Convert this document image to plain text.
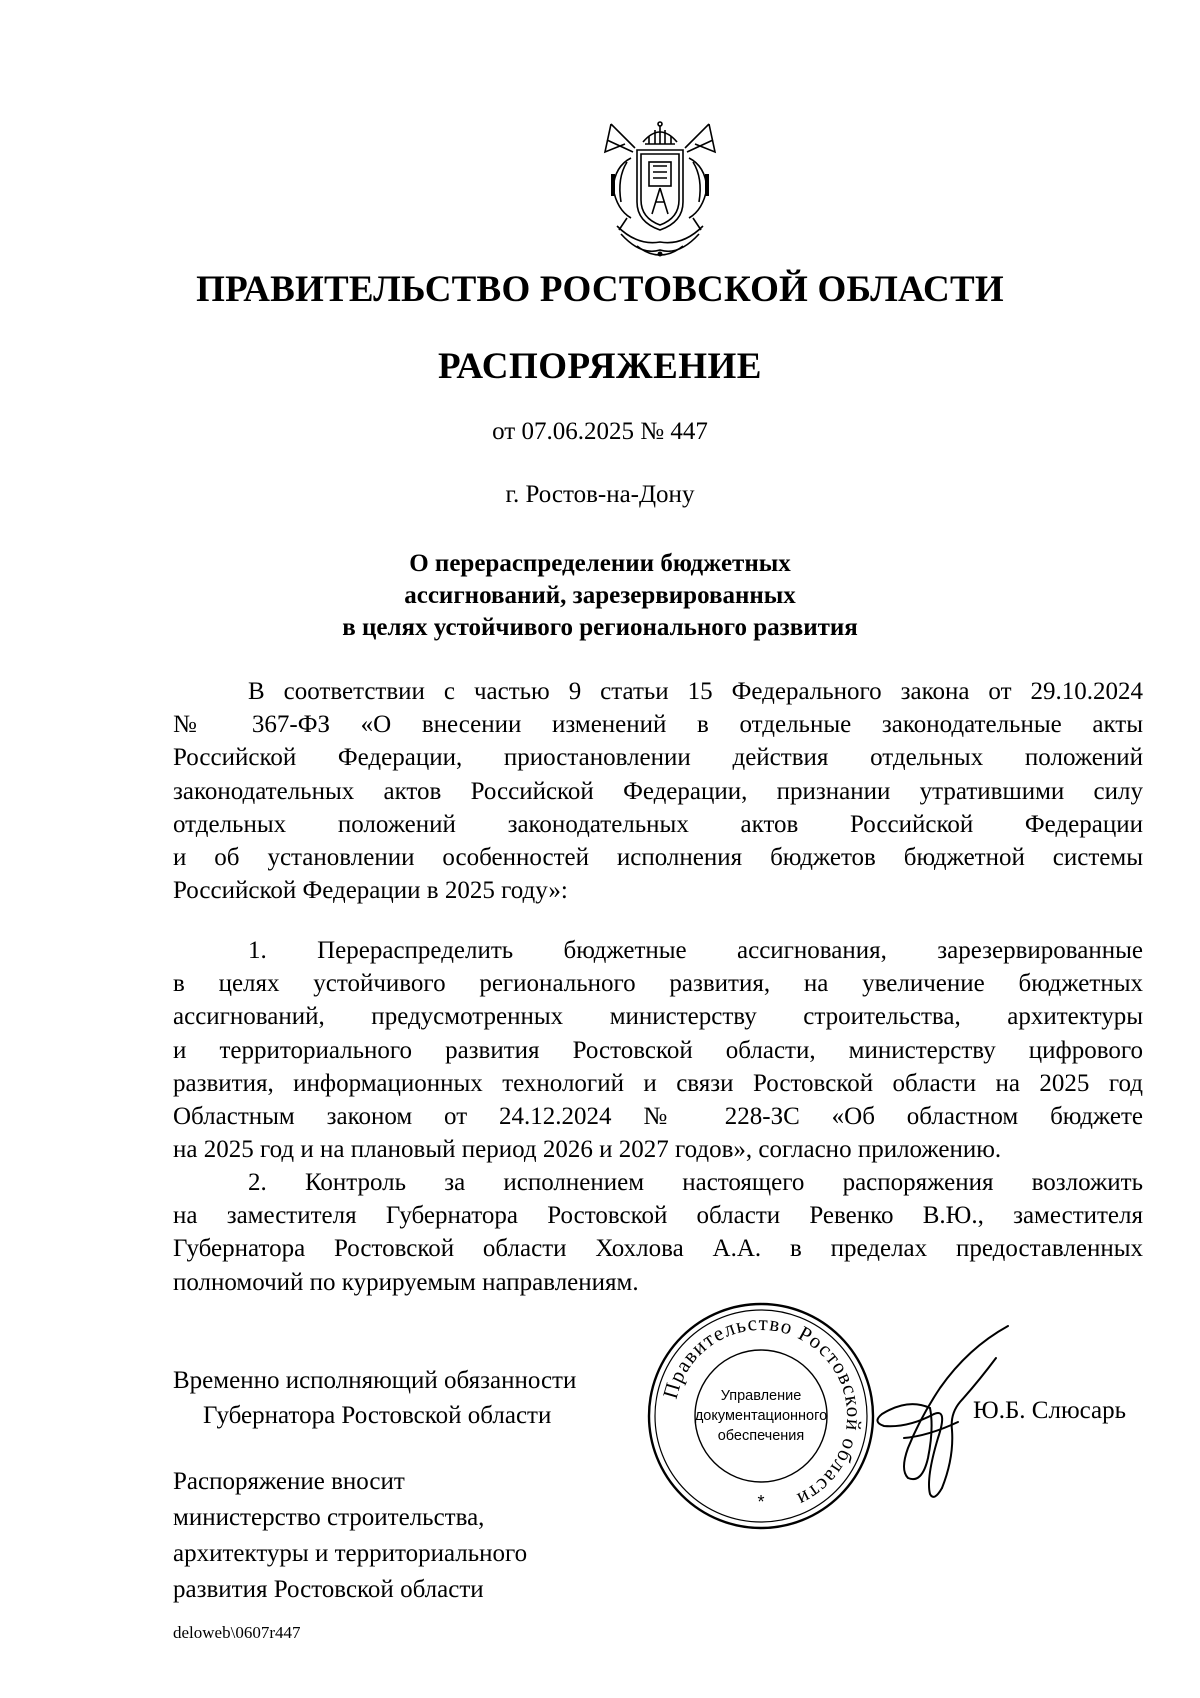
ПРАВИТЕЛЬСТВО РОСТОВСКОЙ ОБЛАСТИ
РАСПОРЯЖЕНИЕ
от 07.06.2025 № 447
г. Ростов-на-Дону
О перераспределении бюджетных
ассигнований, зарезервированных
в целях устойчивого регионального развития
В соответствии с частью 9 статьи 15 Федерального закона от 29.10.2024
№ 367-ФЗ «О внесении изменений в отдельные законодательные акты
Российской Федерации, приостановлении действия отдельных положений
законодательных актов Российской Федерации, признании утратившими силу
отдельных положений законодательных актов Российской Федерации
и об установлении особенностей исполнения бюджетов бюджетной системы
Российской Федерации в 2025 году»:
1. Перераспределить бюджетные ассигнования, зарезервированные
в целях устойчивого регионального развития, на увеличение бюджетных
ассигнований, предусмотренных министерству строительства, архитектуры
и территориального развития Ростовской области, министерству цифрового
развития, информационных технологий и связи Ростовской области на 2025 год
Областным законом от 24.12.2024 № 228-ЗС «Об областном бюджете
на 2025 год и на плановый период 2026 и 2027 годов», согласно приложению.
2. Контроль за исполнением настоящего распоряжения возложить
на заместителя Губернатора Ростовской области Ревенко В.Ю., заместителя
Губернатора Ростовской области Хохлова А.А. в пределах предоставленных
полномочий по курируемым направлениям.
Правительство Ростовской области
Управление
документационного
обеспечения
*
Временно исполняющий обязанности
Губернатора Ростовской области	Ю.Б. Слюсарь
Распоряжение вносит
министерство строительства,
архитектуры и территориального
развития Ростовской области
deloweb\0607r447
